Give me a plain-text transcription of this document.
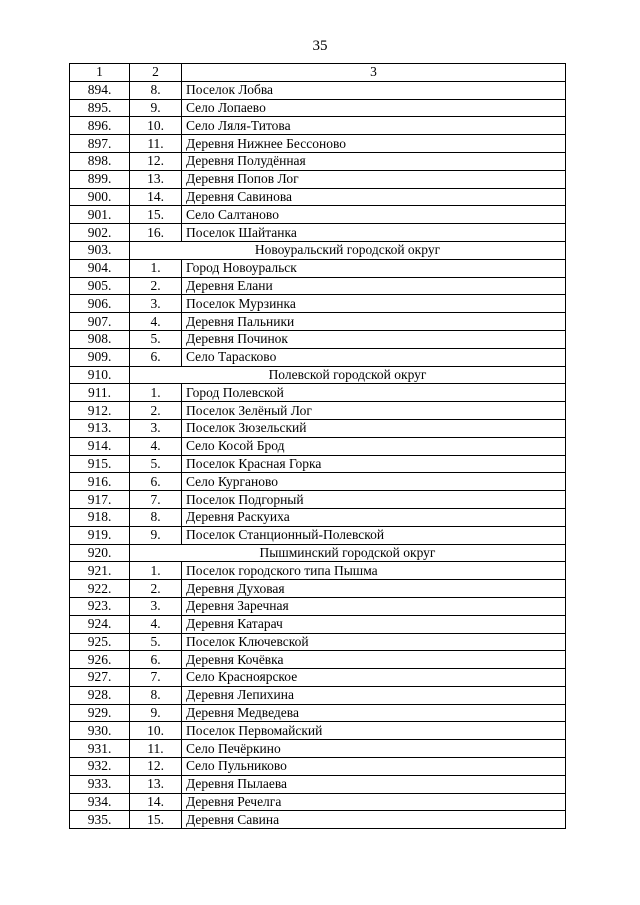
35
1	2	3
894.	8.	Поселок Лобва
895.	9.	Село Лопаево
896.	10.	Село Ляля-Титова
897.	11.	Деревня Нижнее Бессоново
898.	12.	Деревня Полудённая
899.	13.	Деревня Попов Лог
900.	14.	Деревня Савинова
901.	15.	Село Салтаново
902.	16.	Поселок Шайтанка
903.	Новоуральский городской округ	
904.	1.	Город Новоуральск
905.	2.	Деревня Елани
906.	3.	Поселок Мурзинка
907.	4.	Деревня Пальники
908.	5.	Деревня Починок
909.	6.	Село Тарасково
910.	Полевской городской округ	
911.	1.	Город Полевской
912.	2.	Поселок Зелёный Лог
913.	3.	Поселок Зюзельский
914.	4.	Село Косой Брод
915.	5.	Поселок Красная Горка
916.	6.	Село Курганово
917.	7.	Поселок Подгорный
918.	8.	Деревня Раскуиха
919.	9.	Поселок Станционный-Полевской
920.	Пышминский городской округ	
921.	1.	Поселок городского типа Пышма
922.	2.	Деревня Духовая
923.	3.	Деревня Заречная
924.	4.	Деревня Катарач
925.	5.	Поселок Ключевской
926.	6.	Деревня Кочёвка
927.	7.	Село Красноярское
928.	8.	Деревня Лепихина
929.	9.	Деревня Медведева
930.	10.	Поселок Первомайский
931.	11.	Село Печёркино
932.	12.	Село Пульниково
933.	13.	Деревня Пылаева
934.	14.	Деревня Речелга
935.	15.	Деревня Савина
